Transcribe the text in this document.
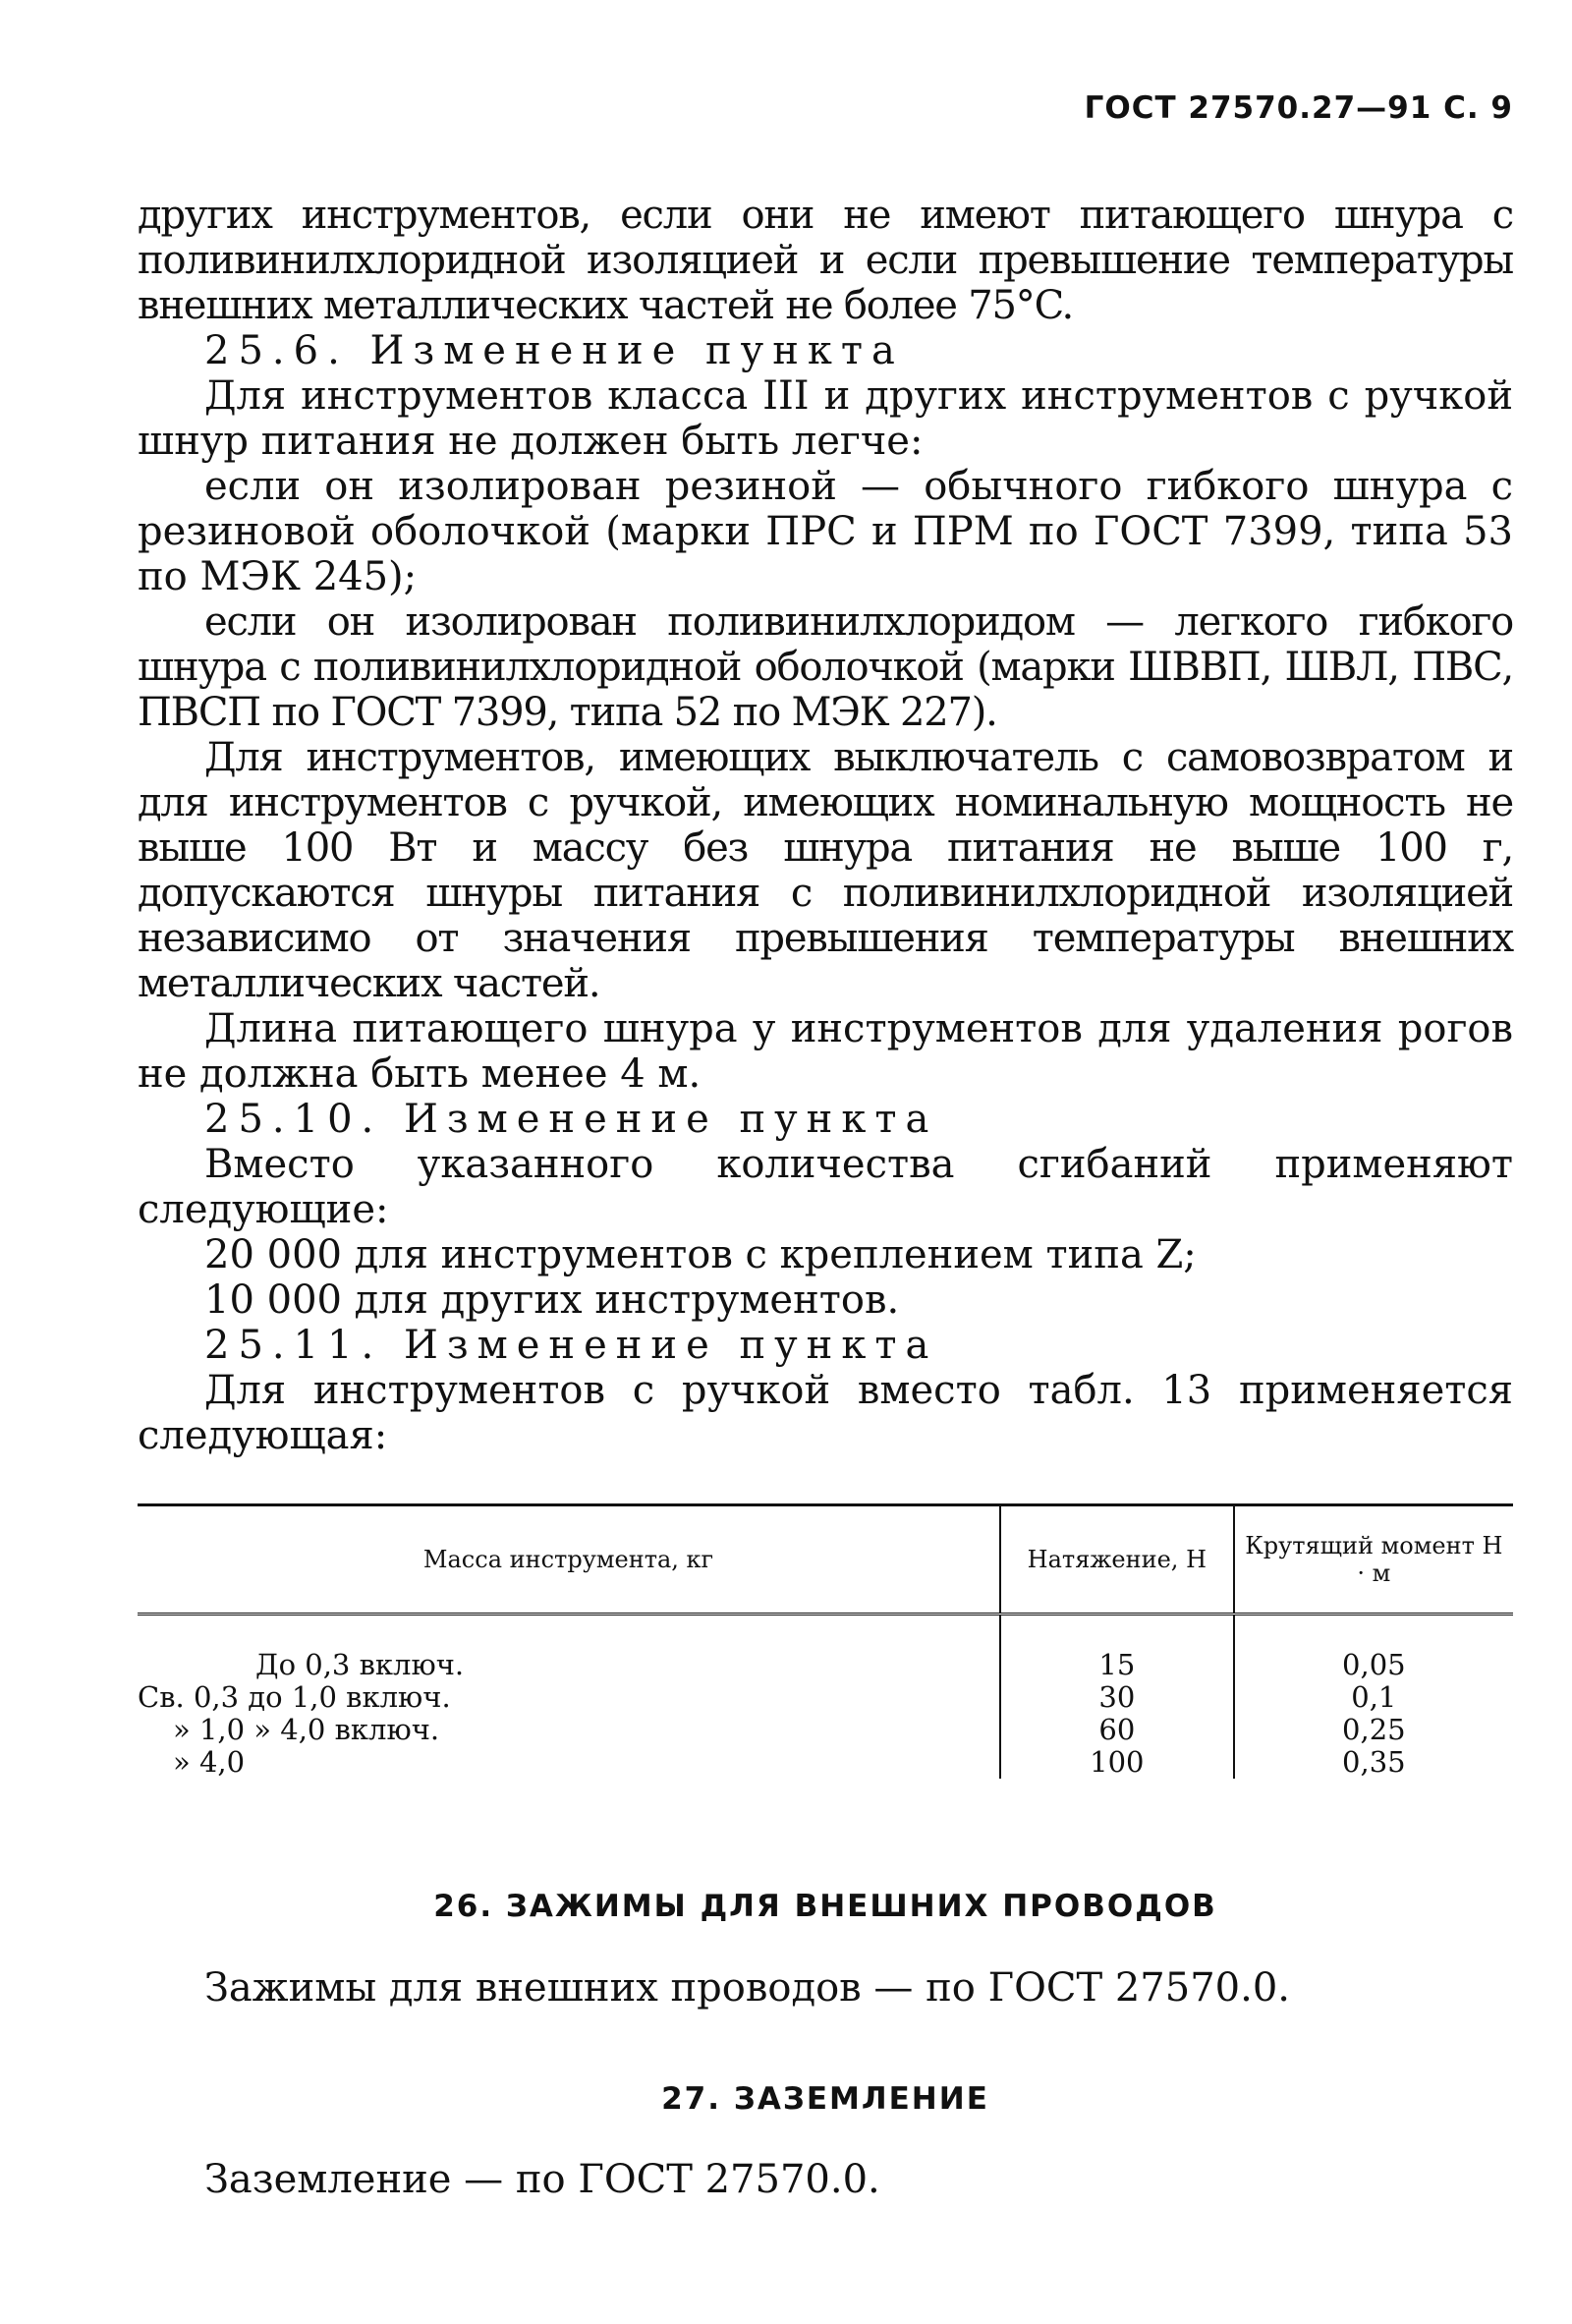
ГОСТ 27570.27—91 С. 9

других инструментов, если они не имеют питающего шнура с поливинилхлоридной изоляцией и если превышение температуры внешних металлических частей не более 75°C.

25.6. Изменение пункта

Для инструментов класса III и других инструментов с ручкой шнур питания не должен быть легче:

если он изолирован резиной — обычного гибкого шнура с резиновой оболочкой (марки ПРС и ПРМ по ГОСТ 7399, типа 53 по МЭК 245);

если он изолирован поливинилхлоридом — легкого гибкого шнура с поливинилхлоридной оболочкой (марки ШВВП, ШВЛ, ПВС, ПВСП по ГОСТ 7399, типа 52 по МЭК 227).

Для инструментов, имеющих выключатель с самовозвратом и для инструментов с ручкой, имеющих номинальную мощность не выше 100 Вт и массу без шнура питания не выше 100 г, допускаются шнуры питания с поливинилхлоридной изоляцией независимо от значения превышения температуры внешних металлических частей.

Длина питающего шнура у инструментов для удаления рогов не должна быть менее 4 м.

25.10. Изменение пункта

Вместо указанного количества сгибаний применяют следующие:

20 000 для инструментов с креплением типа Z;

10 000 для других инструментов.

25.11. Изменение пункта

Для инструментов с ручкой вместо табл. 13 применяется следующая:

Масса инструмента, кг	Натяжение, Н	Крутящий момент Н · м
До 0,3 включ.	15	0,05
Св. 0,3 до 1,0 включ.	30	0,1
» 1,0 » 4,0 включ.	60	0,25
» 4,0	100	0,35
26. ЗАЖИМЫ ДЛЯ ВНЕШНИХ ПРОВОДОВ
Зажимы для внешних проводов — по ГОСТ 27570.0.
27. ЗАЗЕМЛЕНИЕ
Заземление — по ГОСТ 27570.0.
